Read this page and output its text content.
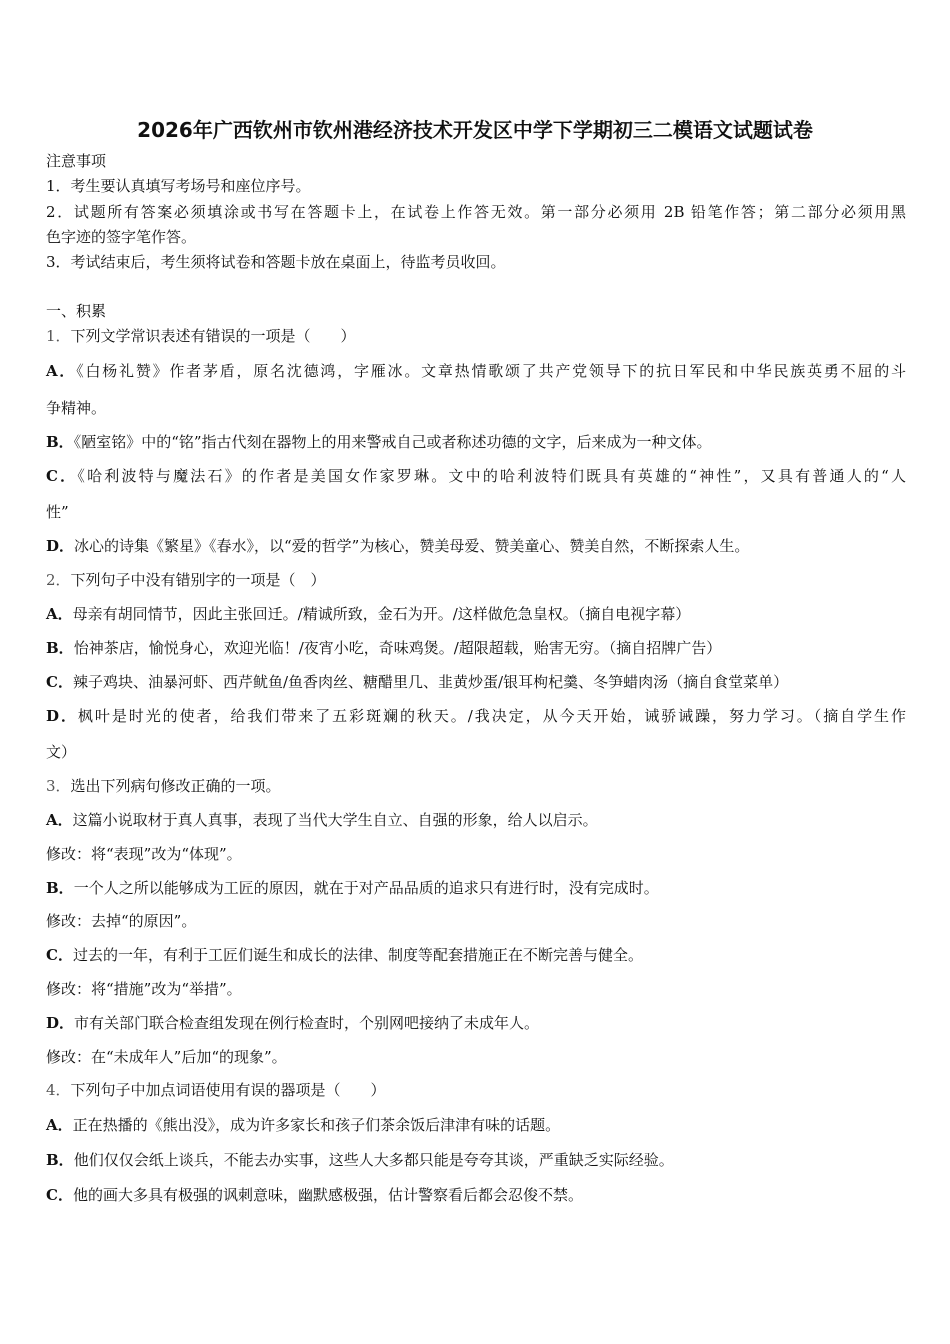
2026年广西钦州市钦州港经济技术开发区中学下学期初三二模语文试题试卷
注意事项
1．考生要认真填写考场号和座位序号。
2．试题所有答案必须填涂或书写在答题卡上，在试卷上作答无效。第一部分必须用 2B 铅笔作答；第二部分必须用黑
色字迹的签字笔作答。
3．考试结束后，考生须将试卷和答题卡放在桌面上，待监考员收回。
一、积累
1．下列文学常识表述有错误的一项是（　　）
A．《白杨礼赞》作者茅盾，原名沈德鸿，字雁冰。文章热情歌颂了共产党领导下的抗日军民和中华民族英勇不屈的斗
争精神。
B．《陋室铭》中的“铭”指古代刻在器物上的用来警戒自己或者称述功德的文字，后来成为一种文体。
C．《哈利波特与魔法石》的作者是美国女作家罗琳。文中的哈利波特们既具有英雄的“神性”，又具有普通人的“人
性”
D．冰心的诗集《繁星》《春水》，以“爱的哲学”为核心，赞美母爱、赞美童心、赞美自然，不断探索人生。
2．下列句子中没有错别字的一项是（　）
A．母亲有胡同情节，因此主张回迁。/精诚所致，金石为开。/这样做危急皇权。（摘自电视字幕）
B．怡神茶店，愉悦身心，欢迎光临！/夜宵小吃，奇味鸡煲。/超限超载，贻害无穷。（摘自招牌广告）
C．辣子鸡块、油暴河虾、西芹鱿鱼/鱼香肉丝、糖醋里几、韭黄炒蛋/银耳枸杞羹、冬笋蜡肉汤（摘自食堂菜单）
D．枫叶是时光的使者，给我们带来了五彩斑斓的秋天。/我决定，从今天开始，诫骄诫躁，努力学习。（摘自学生作
文）
3．选出下列病句修改正确的一项。
A．这篇小说取材于真人真事，表现了当代大学生自立、自强的形象，给人以启示。
修改：将“表现”改为“体现”。
B．一个人之所以能够成为工匠的原因，就在于对产品品质的追求只有进行时，没有完成时。
修改：去掉“的原因”。
C．过去的一年，有利于工匠们诞生和成长的法律、制度等配套措施正在不断完善与健全。
修改：将“措施”改为“举措”。
D．市有关部门联合检查组发现在例行检查时，个别网吧接纳了未成年人。
修改：在“未成年人”后加“的现象”。
4．下列句子中加点词语使用有误的器项是（　　）
A．正在热播的《熊出没》，成为许多家长和孩子们茶余饭后津津有味的话题。
B．他们仅仅会纸上谈兵，不能去办实事，这些人大多都只能是夸夸其谈，严重缺乏实际经验。
C．他的画大多具有极强的讽刺意味，幽默感极强，估计警察看后都会忍俊不禁。
